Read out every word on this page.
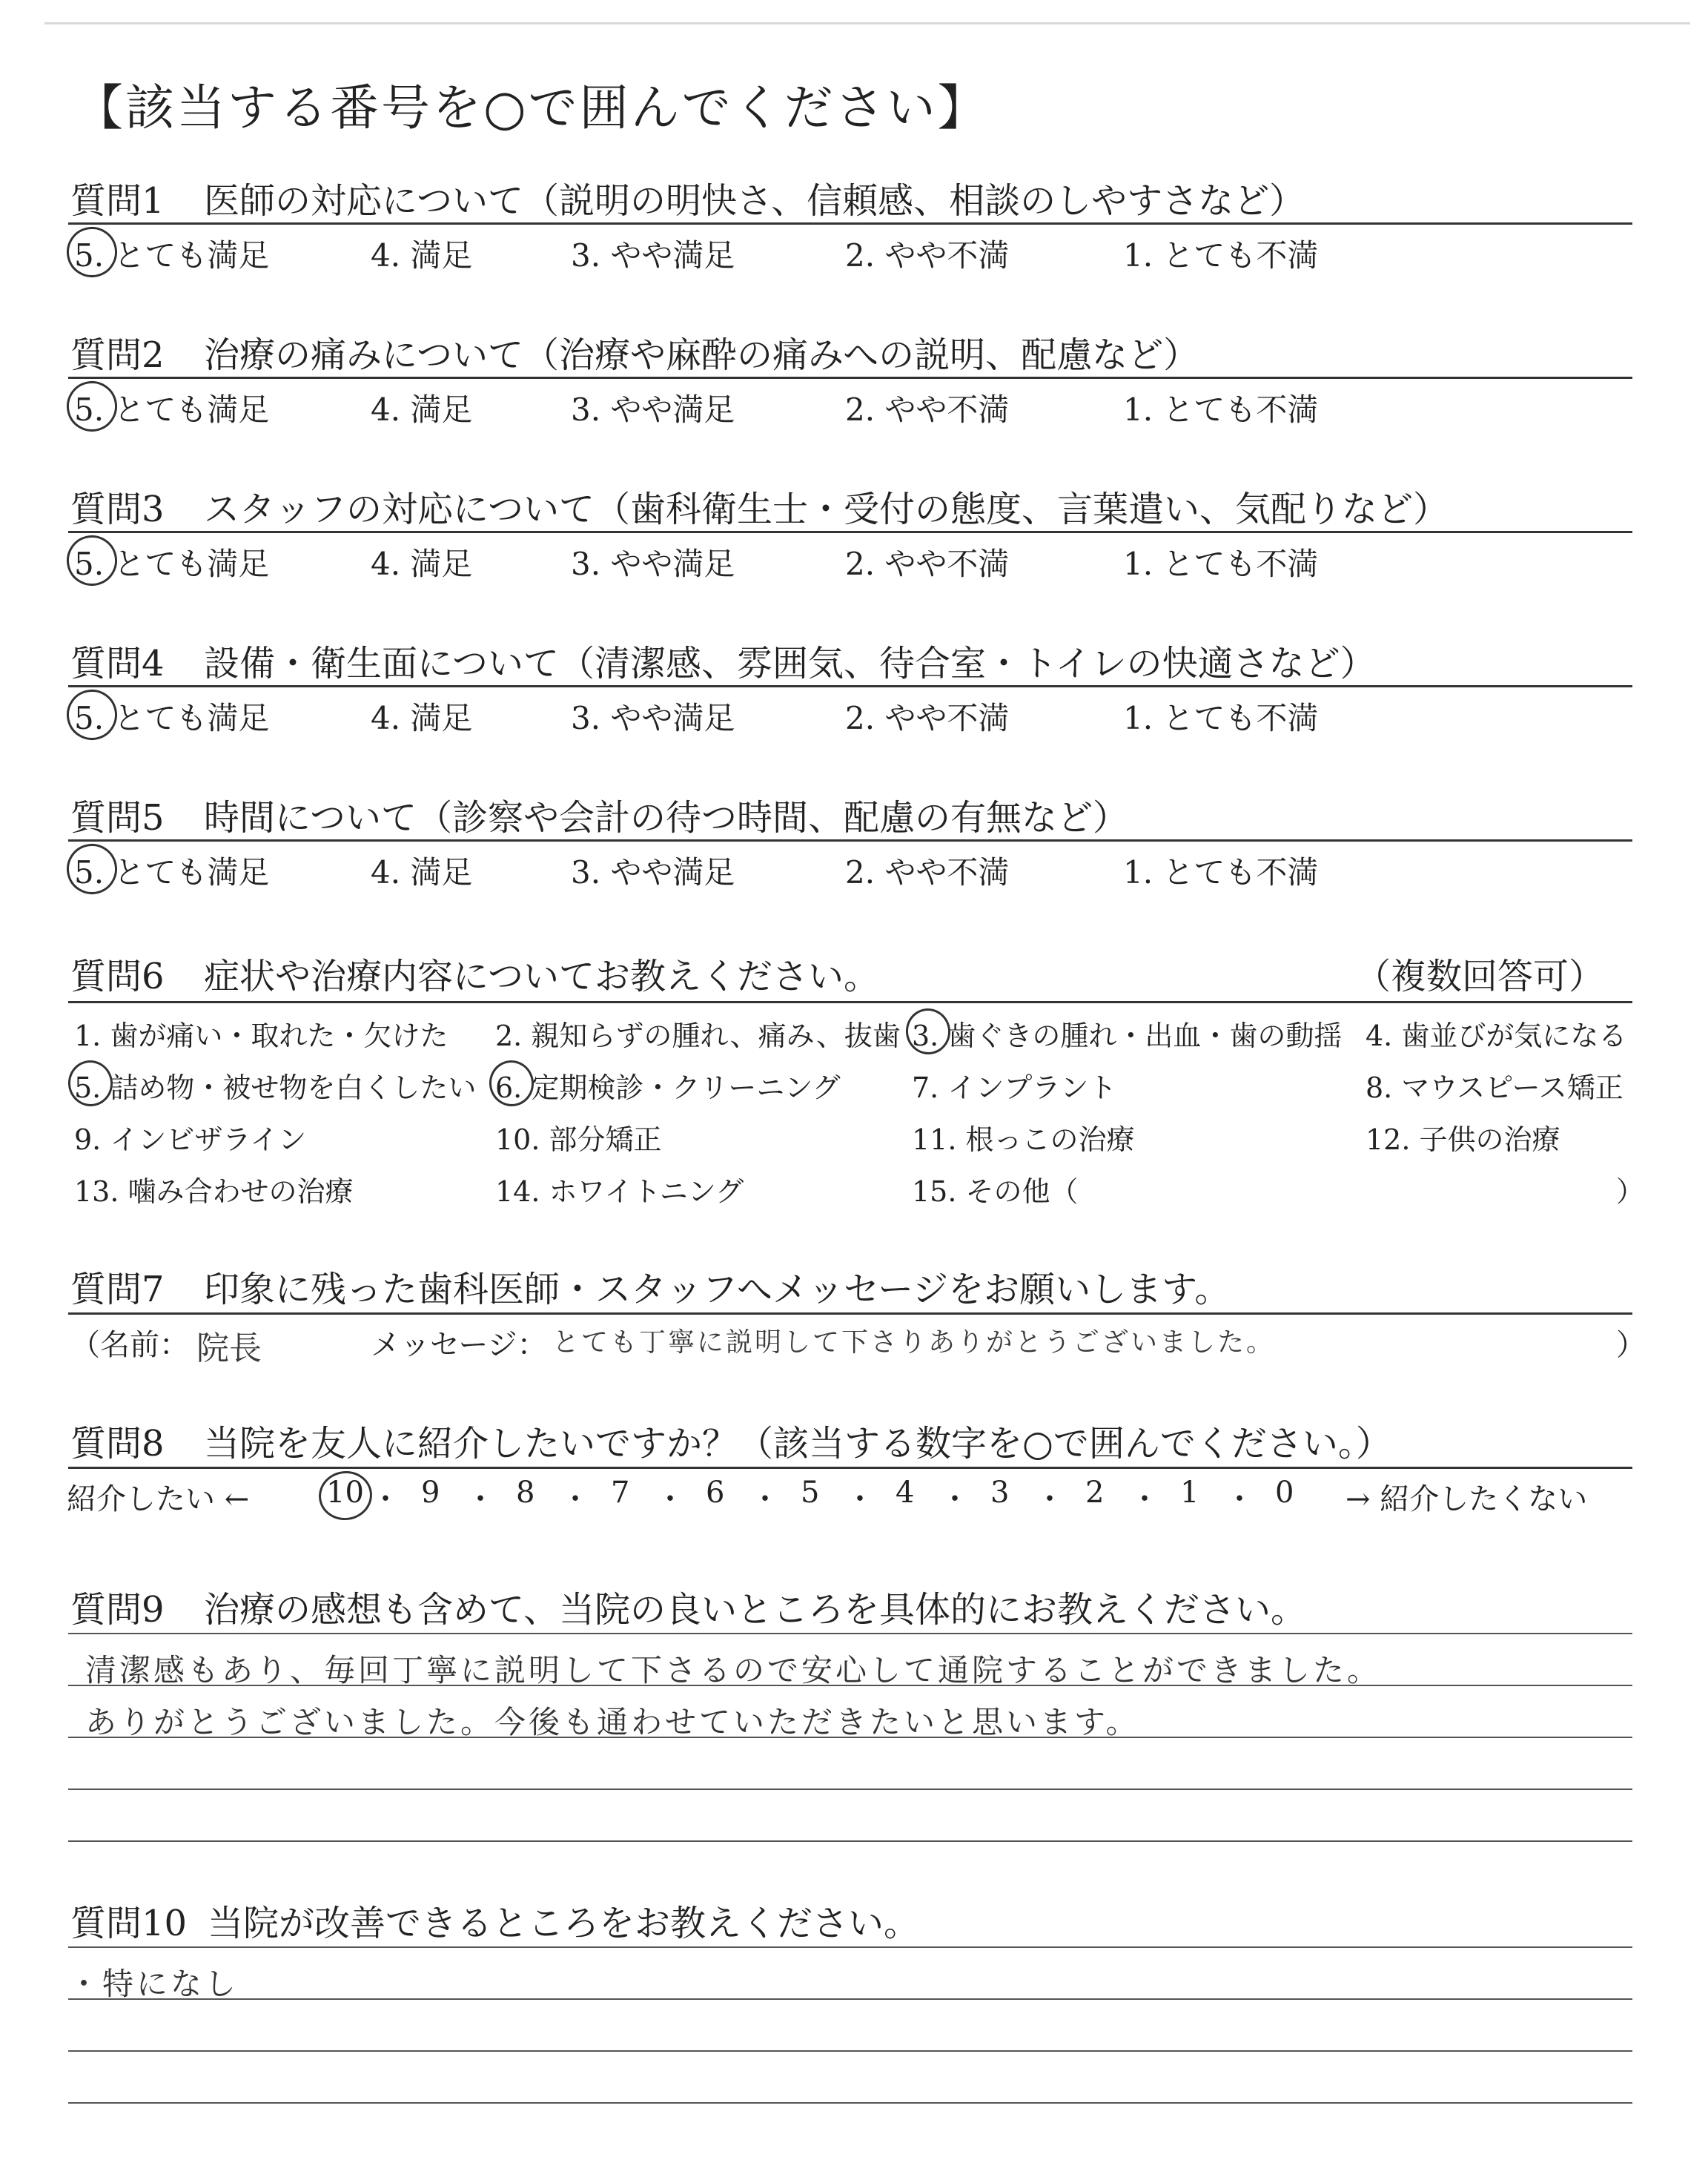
【該当する番号を○で囲んでください】
質問1 医師の対応について（説明の明快さ、信頼感、相談のしやすさなど）
5. とても満足	4. 満足	3. やや満足	2. やや不満	1. とても不満
質問2 治療の痛みについて（治療や麻酔の痛みへの説明、配慮など）
5. とても満足	4. 満足	3. やや満足	2. やや不満	1. とても不満
質問3 スタッフの対応について（歯科衛生士・受付の態度、言葉遣い、気配りなど）
5. とても満足	4. 満足	3. やや満足	2. やや不満	1. とても不満
質問4 設備・衛生面について（清潔感、雰囲気、待合室・トイレの快適さなど）
5. とても満足	4. 満足	3. やや満足	2. やや不満	1. とても不満
質問5 時間について（診察や会計の待つ時間、配慮の有無など）
5. とても満足	4. 満足	3. やや満足	2. やや不満	1. とても不満
質問6 症状や治療内容についてお教えください。	（複数回答可）
1. 歯が痛い・取れた・欠けた 2. 親知らずの腫れ、痛み、抜歯 3. 歯ぐきの腫れ・出血・歯の動揺 4. 歯並びが気になる
5. 詰め物・被せ物を白くしたい 6. 定期検診・クリーニング	7. インプラント	8. マウスピース矯正
9. インビザライン	10. 部分矯正	11. 根っこの治療	12. 子供の治療
13. 噛み合わせの治療	14. ホワイトニング	15. その他（	）
質問7 印象に残った歯科医師・スタッフへメッセージをお願いします。
（名前： 院長	メッセージ： とても丁寧に説明して下さりありがとうございました。	）
質問8 当院を友人に紹介したいですか？（該当する数字を○で囲んでください。）
紹介したい ←	→ 紹介したくない
10 ・ 9 ・ 8 ・ 7 ・ 6 ・ 5 ・ 4 ・ 3 ・ 2 ・ 1 ・ 0
質問9 治療の感想も含めて、当院の良いところを具体的にお教えください。
清潔感もあり、毎回丁寧に説明して下さるので安心して通院することができました。
ありがとうございました。今後も通わせていただきたいと思います。
質問10 当院が改善できるところをお教えください。
・特になし
